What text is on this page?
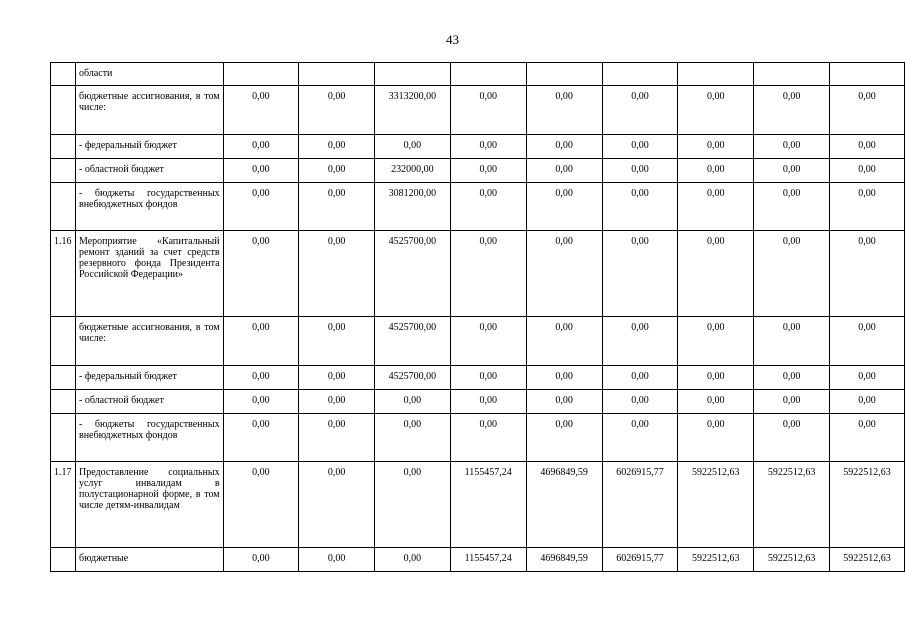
43
	области									
	бюджетные ассигнования, в том числе:	0,00	0,00	3313200,00	0,00	0,00	0,00	0,00	0,00	0,00
	- федеральный бюджет	0,00	0,00	0,00	0,00	0,00	0,00	0,00	0,00	0,00
	- областной бюджет	0,00	0,00	232000,00	0,00	0,00	0,00	0,00	0,00	0,00
	- бюджеты государственных внебюджетных фондов	0,00	0,00	3081200,00	0,00	0,00	0,00	0,00	0,00	0,00
1.16	Мероприятие «Капитальный ремонт зданий за счет средств резервного фонда Президента Российской Федерации»	0,00	0,00	4525700,00	0,00	0,00	0,00	0,00	0,00	0,00
	бюджетные ассигнования, в том числе:	0,00	0,00	4525700,00	0,00	0,00	0,00	0,00	0,00	0,00
	- федеральный бюджет	0,00	0,00	4525700,00	0,00	0,00	0,00	0,00	0,00	0,00
	- областной бюджет	0,00	0,00	0,00	0,00	0,00	0,00	0,00	0,00	0,00
	- бюджеты государственных внебюджетных фондов	0,00	0,00	0,00	0,00	0,00	0,00	0,00	0,00	0,00
1.17	Предоставление социальных услуг инвалидам в полустационарной форме, в том числе детям-инвалидам	0,00	0,00	0,00	1155457,24	4696849,59	6026915,77	5922512,63	5922512,63	5922512,63
	бюджетные	0,00	0,00	0,00	1155457,24	4696849,59	6026915,77	5922512,63	5922512,63	5922512,63
